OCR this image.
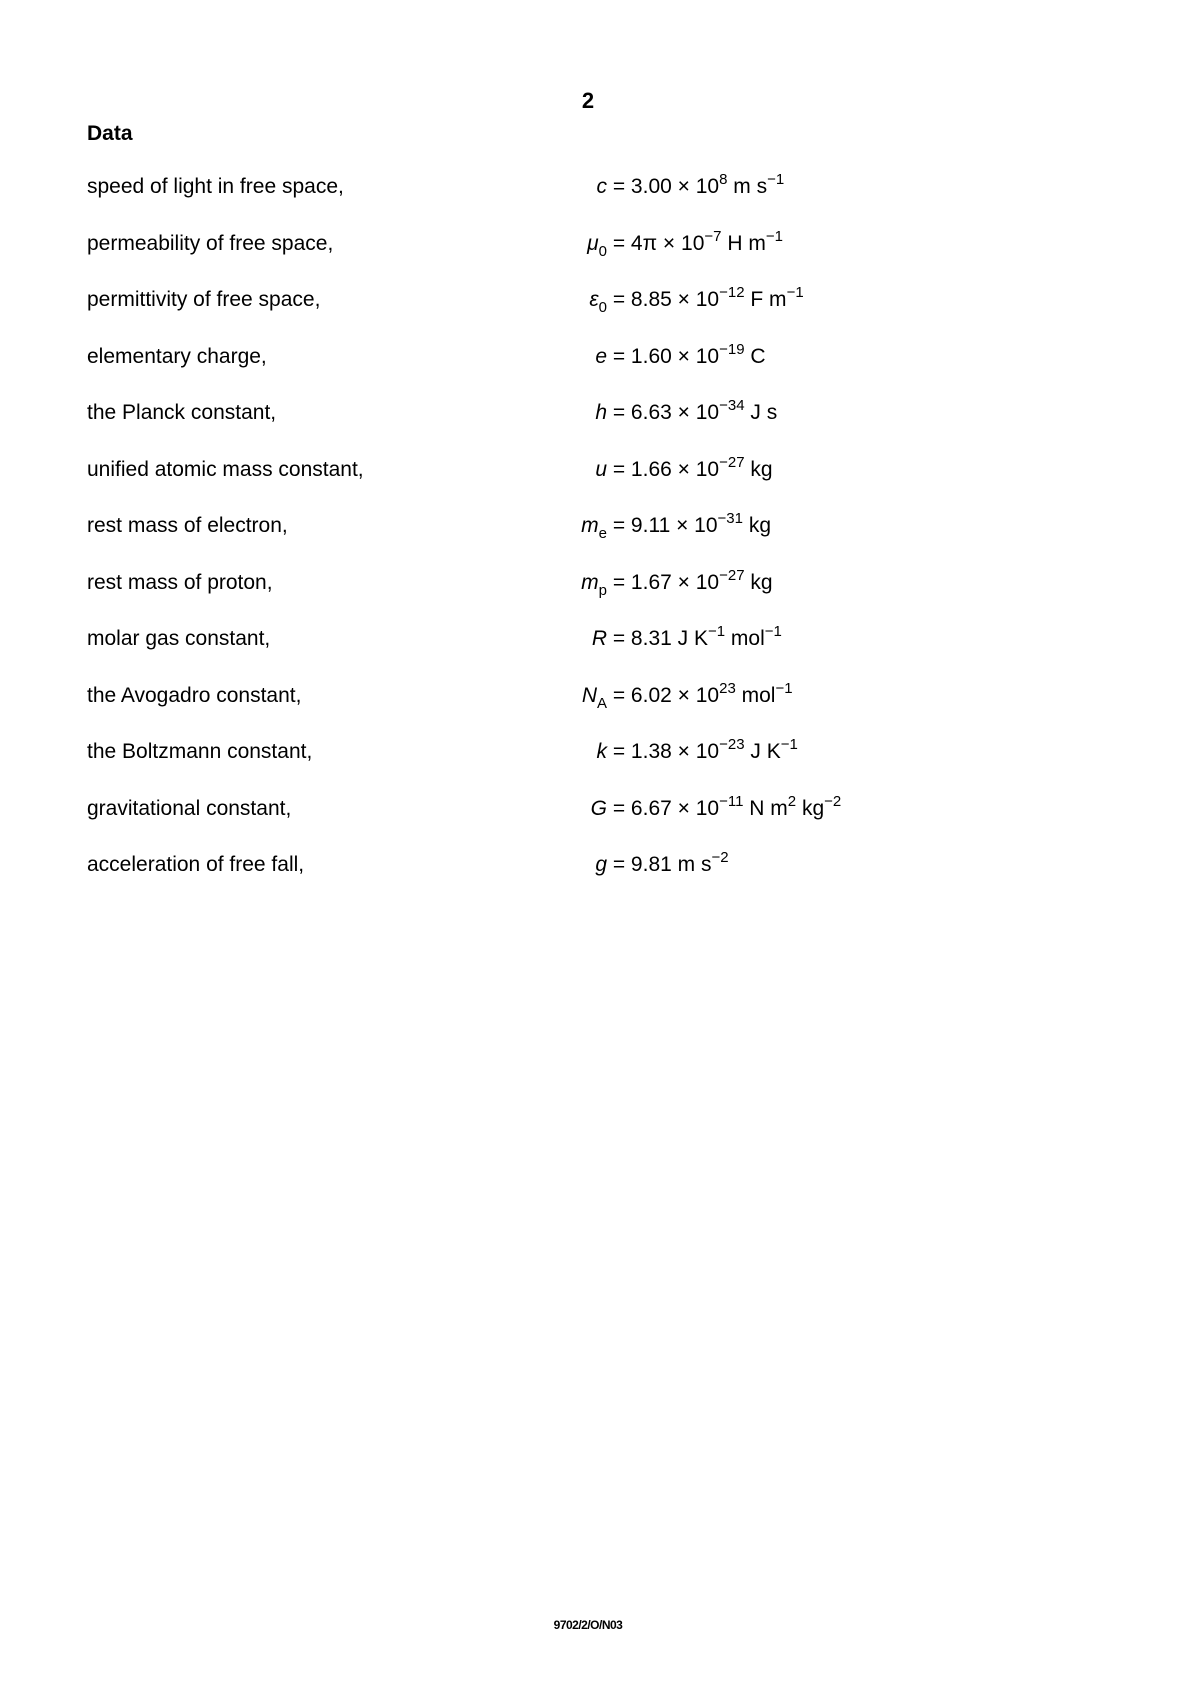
2
Data
speed of light in free space,	$c = 3.00 \times 10^8$ m $s^{-1}$
permeability of free space,	$\mu_0 = 4\pi \times 10^{-7}$ H $m^{-1}$
permittivity of free space,	$\varepsilon_0 = 8.85 \times 10^{-12}$ F $m^{-1}$
elementary charge,	$e = 1.60 \times 10^{-19}$ C
the Planck constant,	$h = 6.63 \times 10^{-34}$ J s
unified atomic mass constant,	$u = 1.66 \times 10^{-27}$ kg
rest mass of electron,	$m_e = 9.11 \times 10^{-31}$ kg
rest mass of proton,	$m_p = 1.67 \times 10^{-27}$ kg
molar gas constant,	R = 8.31 J $K^{-1}$ mol$^{-1}$
the Avogadro constant,	$N_A = 6.02 \times 10^{23}$ mol$^{-1}$
the Boltzmann constant,	$k = 1.38 \times 10^{-23}$ J $K^{-1}$
gravitational constant,	$G = 6.67 \times 10^{-11}$ N $m^2$ $kg^{-2}$
acceleration of free fall,	g = 9.81 m $s^{-2}$
9702/2/O/N03
